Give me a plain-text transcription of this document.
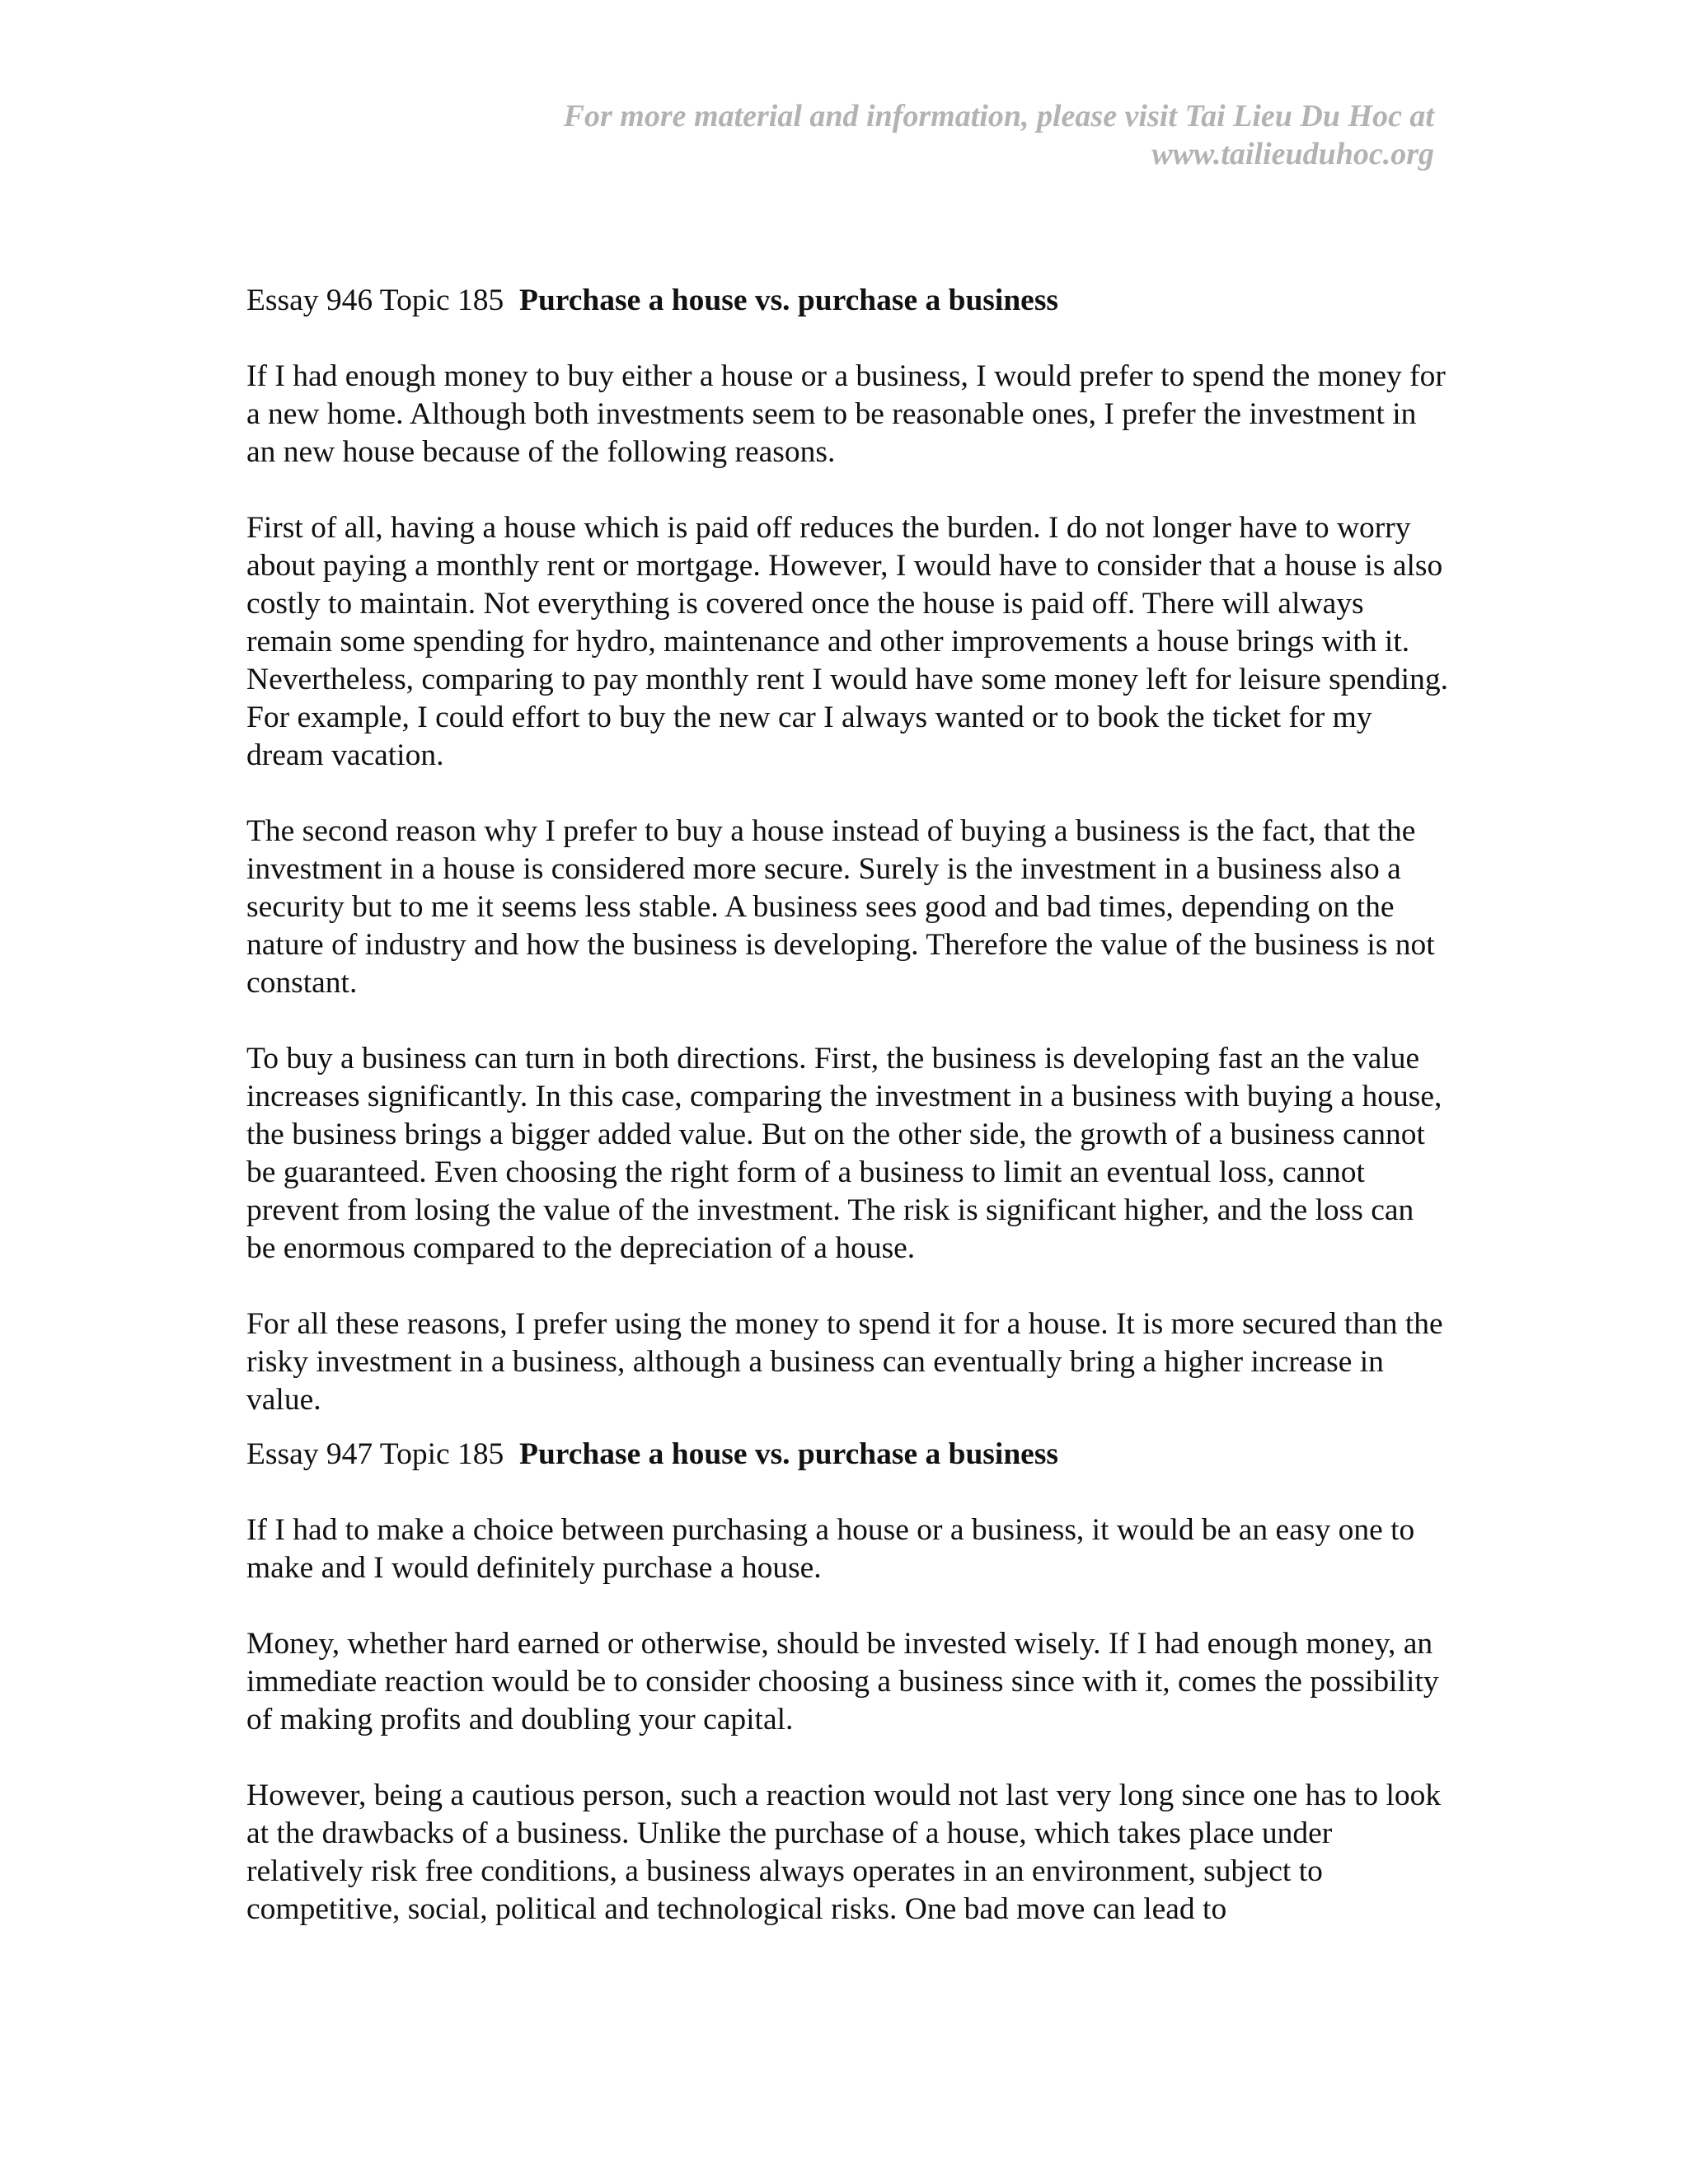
For more material and information, please visit Tai Lieu Du Hoc at
www.tailieuduhoc.org
Essay 946 Topic 185 Purchase a house vs. purchase a business

If I had enough money to buy either a house or a business, I would prefer to spend the money for a new home. Although both investments seem to be reasonable ones, I prefer the investment in an new house because of the following reasons.

First of all, having a house which is paid off reduces the burden. I do not longer have to worry about paying a monthly rent or mortgage. However, I would have to consider that a house is also costly to maintain. Not everything is covered once the house is paid off. There will always remain some spending for hydro, maintenance and other improvements a house brings with it. Nevertheless, comparing to pay monthly rent I would have some money left for leisure spending. For example, I could effort to buy the new car I always wanted or to book the ticket for my dream vacation.

The second reason why I prefer to buy a house instead of buying a business is the fact, that the investment in a house is considered more secure. Surely is the investment in a business also a security but to me it seems less stable. A business sees good and bad times, depending on the nature of industry and how the business is developing. Therefore the value of the business is not constant.

To buy a business can turn in both directions. First, the business is developing fast an the value increases significantly. In this case, comparing the investment in a business with buying a house, the business brings a bigger added value. But on the other side, the growth of a business cannot be guaranteed. Even choosing the right form of a business to limit an eventual loss, cannot prevent from losing the value of the investment. The risk is significant higher, and the loss can be enormous compared to the depreciation of a house.

For all these reasons, I prefer using the money to spend it for a house. It is more secured than the risky investment in a business, although a business can eventually bring a higher increase in value.

Essay 947 Topic 185 Purchase a house vs. purchase a business

If I had to make a choice between purchasing a house or a business, it would be an easy one to make and I would definitely purchase a house.

Money, whether hard earned or otherwise, should be invested wisely. If I had enough money, an immediate reaction would be to consider choosing a business since with it, comes the possibility of making profits and doubling your capital.

However, being a cautious person, such a reaction would not last very long since one has to look at the drawbacks of a business. Unlike the purchase of a house, which takes place under relatively risk free conditions, a business always operates in an environment, subject to competitive, social, political and technological risks. One bad move can lead to
